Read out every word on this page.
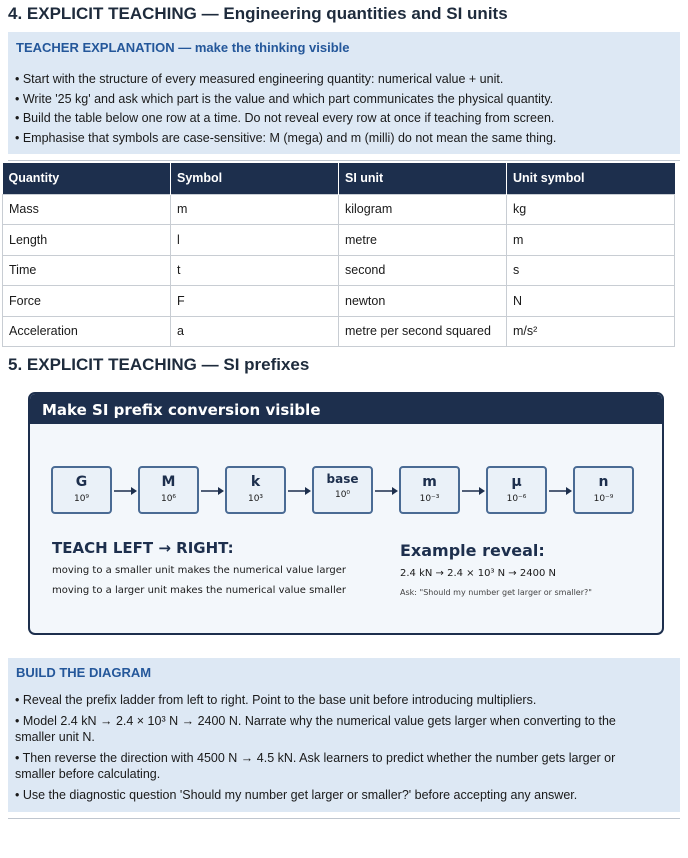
4. EXPLICIT TEACHING — Engineering quantities and SI units
TEACHER EXPLANATION — make the thinking visible
• Start with the structure of every measured engineering quantity: numerical value + unit.
• Write '25 kg' and ask which part is the value and which part communicates the physical quantity.
• Build the table below one row at a time. Do not reveal every row at once if teaching from screen.
• Emphasise that symbols are case-sensitive: M (mega) and m (milli) do not mean the same thing.
Quantity	Symbol	SI unit	Unit symbol
Mass	m	kilogram	kg
Length	l	metre	m
Time	t	second	s
Force	F	newton	N
Acceleration	a	metre per second squared	m/s²
5. EXPLICIT TEACHING — SI prefixes
Make SI prefix conversion visible
G
10⁹
M
10⁶
k
10³
base
10⁰
m
10⁻³
μ
10⁻⁶
n
10⁻⁹
TEACH LEFT → RIGHT:
moving to a smaller unit makes the numerical value larger
moving to a larger unit makes the numerical value smaller
Example reveal:
2.4 kN → 2.4 × 10³ N → 2400 N
Ask: "Should my number get larger or smaller?"
BUILD THE DIAGRAM
• Reveal the prefix ladder from left to right. Point to the base unit before introducing multipliers.
• Model 2.4 kN → 2.4 × 10³ N → 2400 N. Narrate why the numerical value gets larger when converting to the smaller unit N.
• Then reverse the direction with 4500 N → 4.5 kN. Ask learners to predict whether the number gets larger or smaller before calculating.
• Use the diagnostic question 'Should my number get larger or smaller?' before accepting any answer.
